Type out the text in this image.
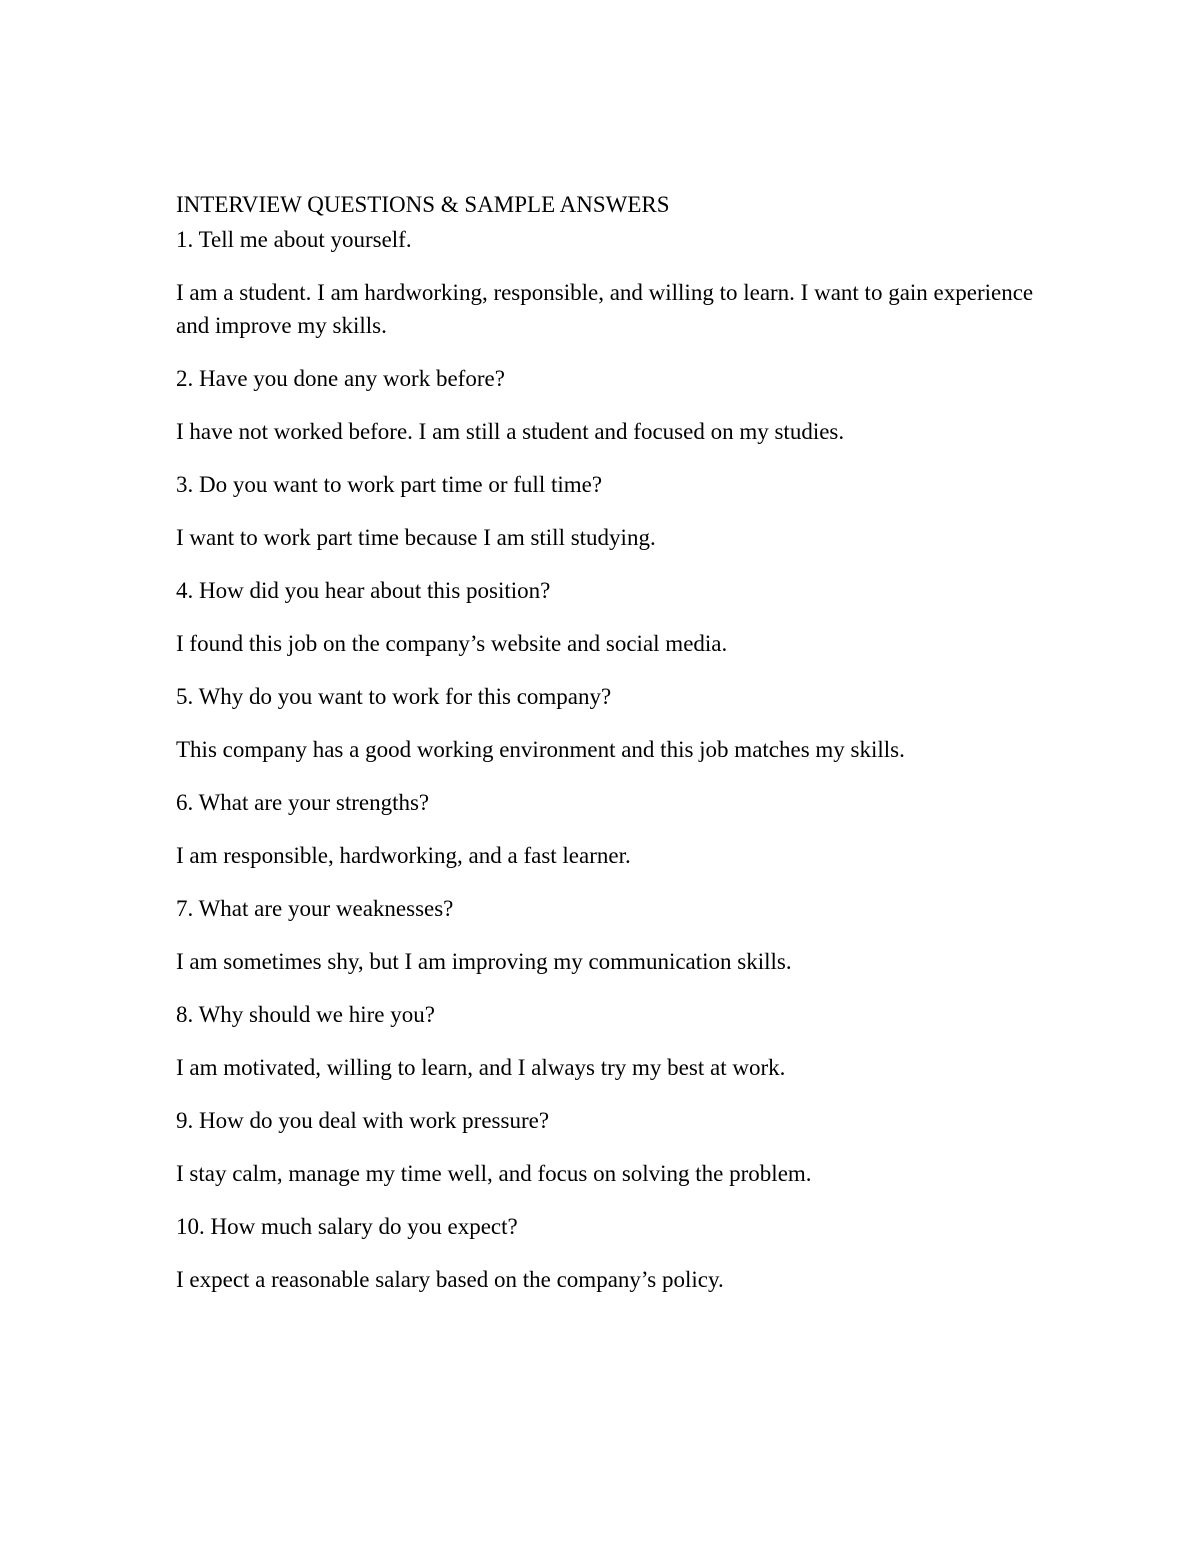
INTERVIEW QUESTIONS & SAMPLE ANSWERS

1. Tell me about yourself.

I am a student. I am hardworking, responsible, and willing to learn. I want to gain experience and improve my skills.

2. Have you done any work before?

I have not worked before. I am still a student and focused on my studies.

3. Do you want to work part time or full time?

I want to work part time because I am still studying.

4. How did you hear about this position?

I found this job on the company’s website and social media.

5. Why do you want to work for this company?

This company has a good working environment and this job matches my skills.

6. What are your strengths?

I am responsible, hardworking, and a fast learner.

7. What are your weaknesses?

I am sometimes shy, but I am improving my communication skills.

8. Why should we hire you?

I am motivated, willing to learn, and I always try my best at work.

9. How do you deal with work pressure?

I stay calm, manage my time well, and focus on solving the problem.

10. How much salary do you expect?

I expect a reasonable salary based on the company’s policy.
